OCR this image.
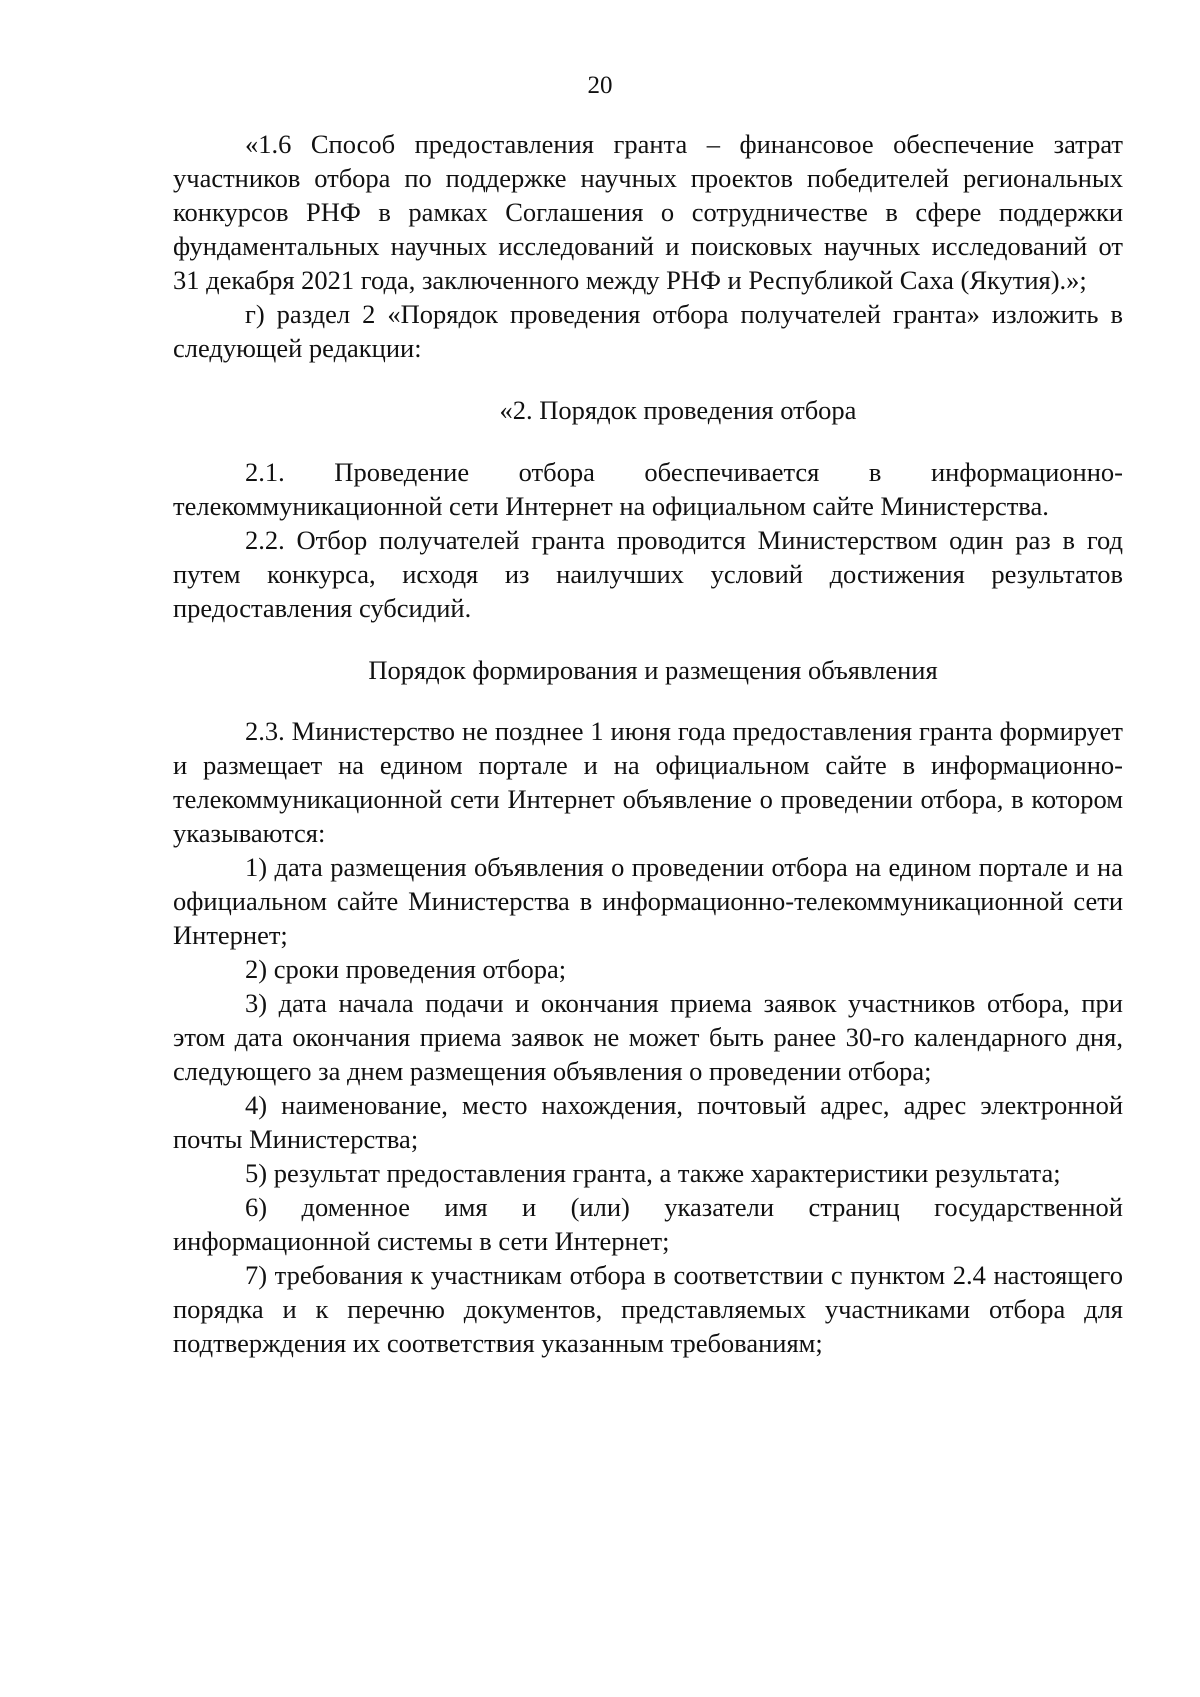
20

«1.6 Способ предоставления гранта – финансовое обеспечение затрат участников отбора по поддержке научных проектов победителей региональных конкурсов РНФ в рамках Соглашения о сотрудничестве в сфере поддержки фундаментальных научных исследований и поисковых научных исследований от 31 декабря 2021 года, заключенного между РНФ и Республикой Саха (Якутия).»;

г) раздел 2 «Порядок проведения отбора получателей гранта» изложить в следующей редакции:

«2. Порядок проведения отбора

2.1. Проведение отбора обеспечивается в информационно-телекоммуникационной сети Интернет на официальном сайте Министерства.

2.2. Отбор получателей гранта проводится Министерством один раз в год путем конкурса, исходя из наилучших условий достижения результатов предоставления субсидий.

Порядок формирования и размещения объявления

2.3. Министерство не позднее 1 июня года предоставления гранта формирует и размещает на едином портале и на официальном сайте в информационно-телекоммуникационной сети Интернет объявление о проведении отбора, в котором указываются:

1) дата размещения объявления о проведении отбора на едином портале и на официальном сайте Министерства в информационно-телекоммуникационной сети Интернет;

2) сроки проведения отбора;

3) дата начала подачи и окончания приема заявок участников отбора, при этом дата окончания приема заявок не может быть ранее 30-го календарного дня, следующего за днем размещения объявления о проведении отбора;

4) наименование, место нахождения, почтовый адрес, адрес электронной почты Министерства;

5) результат предоставления гранта, а также характеристики результата;

6) доменное имя и (или) указатели страниц государственной информационной системы в сети Интернет;

7) требования к участникам отбора в соответствии с пунктом 2.4 настоящего порядка и к перечню документов, представляемых участниками отбора для подтверждения их соответствия указанным требованиям;
